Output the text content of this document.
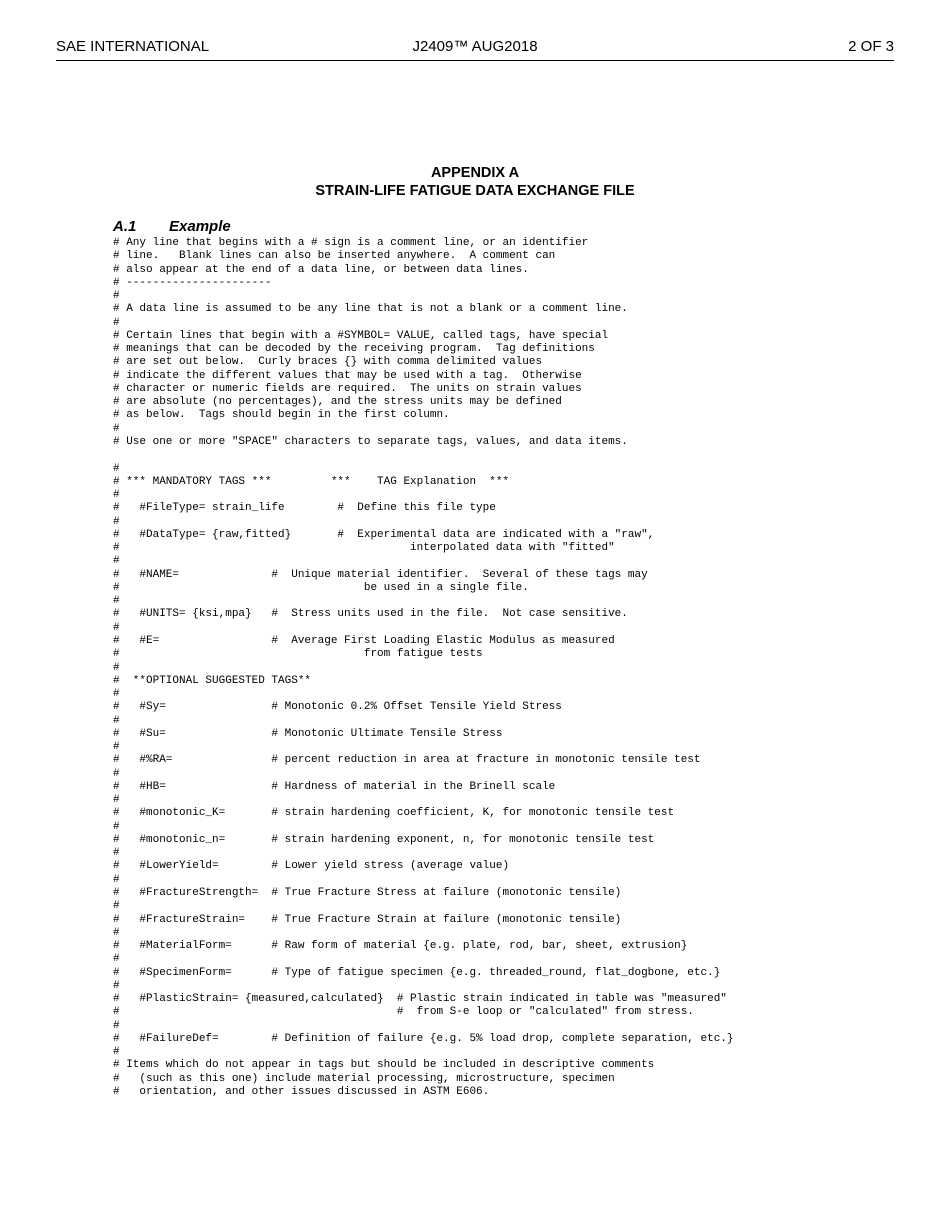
SAE INTERNATIONAL	J2409™ AUG2018	2 OF 3
APPENDIX A
STRAIN-LIFE FATIGUE DATA EXCHANGE FILE
A.1 Example
# Any line that begins with a # sign is a comment line, or an identifier
# line.   Blank lines can also be inserted anywhere.  A comment can
# also appear at the end of a data line, or between data lines.
# ----------------------
#
# A data line is assumed to be any line that is not a blank or a comment line.
#
# Certain lines that begin with a #SYMBOL= VALUE, called tags, have special
# meanings that can be decoded by the receiving program.  Tag definitions
# are set out below.  Curly braces {} with comma delimited values
# indicate the different values that may be used with a tag.  Otherwise
# character or numeric fields are required.  The units on strain values
# are absolute (no percentages), and the stress units may be defined
# as below.  Tags should begin in the first column.
#
# Use one or more "SPACE" characters to separate tags, values, and data items.
#
# *** MANDATORY TAGS ***         ***    TAG Explanation  ***
#
#   #FileType= strain_life        #  Define this file type
#
#   #DataType= {raw,fitted}       #  Experimental data are indicated with a "raw",
#                                            interpolated data with "fitted"
#
#   #NAME=              #  Unique material identifier.  Several of these tags may
#                                     be used in a single file.
#
#   #UNITS= {ksi,mpa}   #  Stress units used in the file.  Not case sensitive.
#
#   #E=                 #  Average First Loading Elastic Modulus as measured
#                                     from fatigue tests
#
#  **OPTIONAL SUGGESTED TAGS**
#
#   #Sy=                # Monotonic 0.2% Offset Tensile Yield Stress
#
#   #Su=                # Monotonic Ultimate Tensile Stress
#
#   #%RA=               # percent reduction in area at fracture in monotonic tensile test
#
#   #HB=                # Hardness of material in the Brinell scale
#
#   #monotonic_K=       # strain hardening coefficient, K, for monotonic tensile test
#
#   #monotonic_n=       # strain hardening exponent, n, for monotonic tensile test
#
#   #LowerYield=        # Lower yield stress (average value)
#
#   #FractureStrength=  # True Fracture Stress at failure (monotonic tensile)
#
#   #FractureStrain=    # True Fracture Strain at failure (monotonic tensile)
#
#   #MaterialForm=      # Raw form of material {e.g. plate, rod, bar, sheet, extrusion}
#
#   #SpecimenForm=      # Type of fatigue specimen {e.g. threaded_round, flat_dogbone, etc.}
#
#   #PlasticStrain= {measured,calculated}  # Plastic strain indicated in table was "measured"
#                                          #  from S-e loop or "calculated" from stress.
#
#   #FailureDef=        # Definition of failure {e.g. 5% load drop, complete separation, etc.}
#
# Items which do not appear in tags but should be included in descriptive comments
#   (such as this one) include material processing, microstructure, specimen
#   orientation, and other issues discussed in ASTM E606.
